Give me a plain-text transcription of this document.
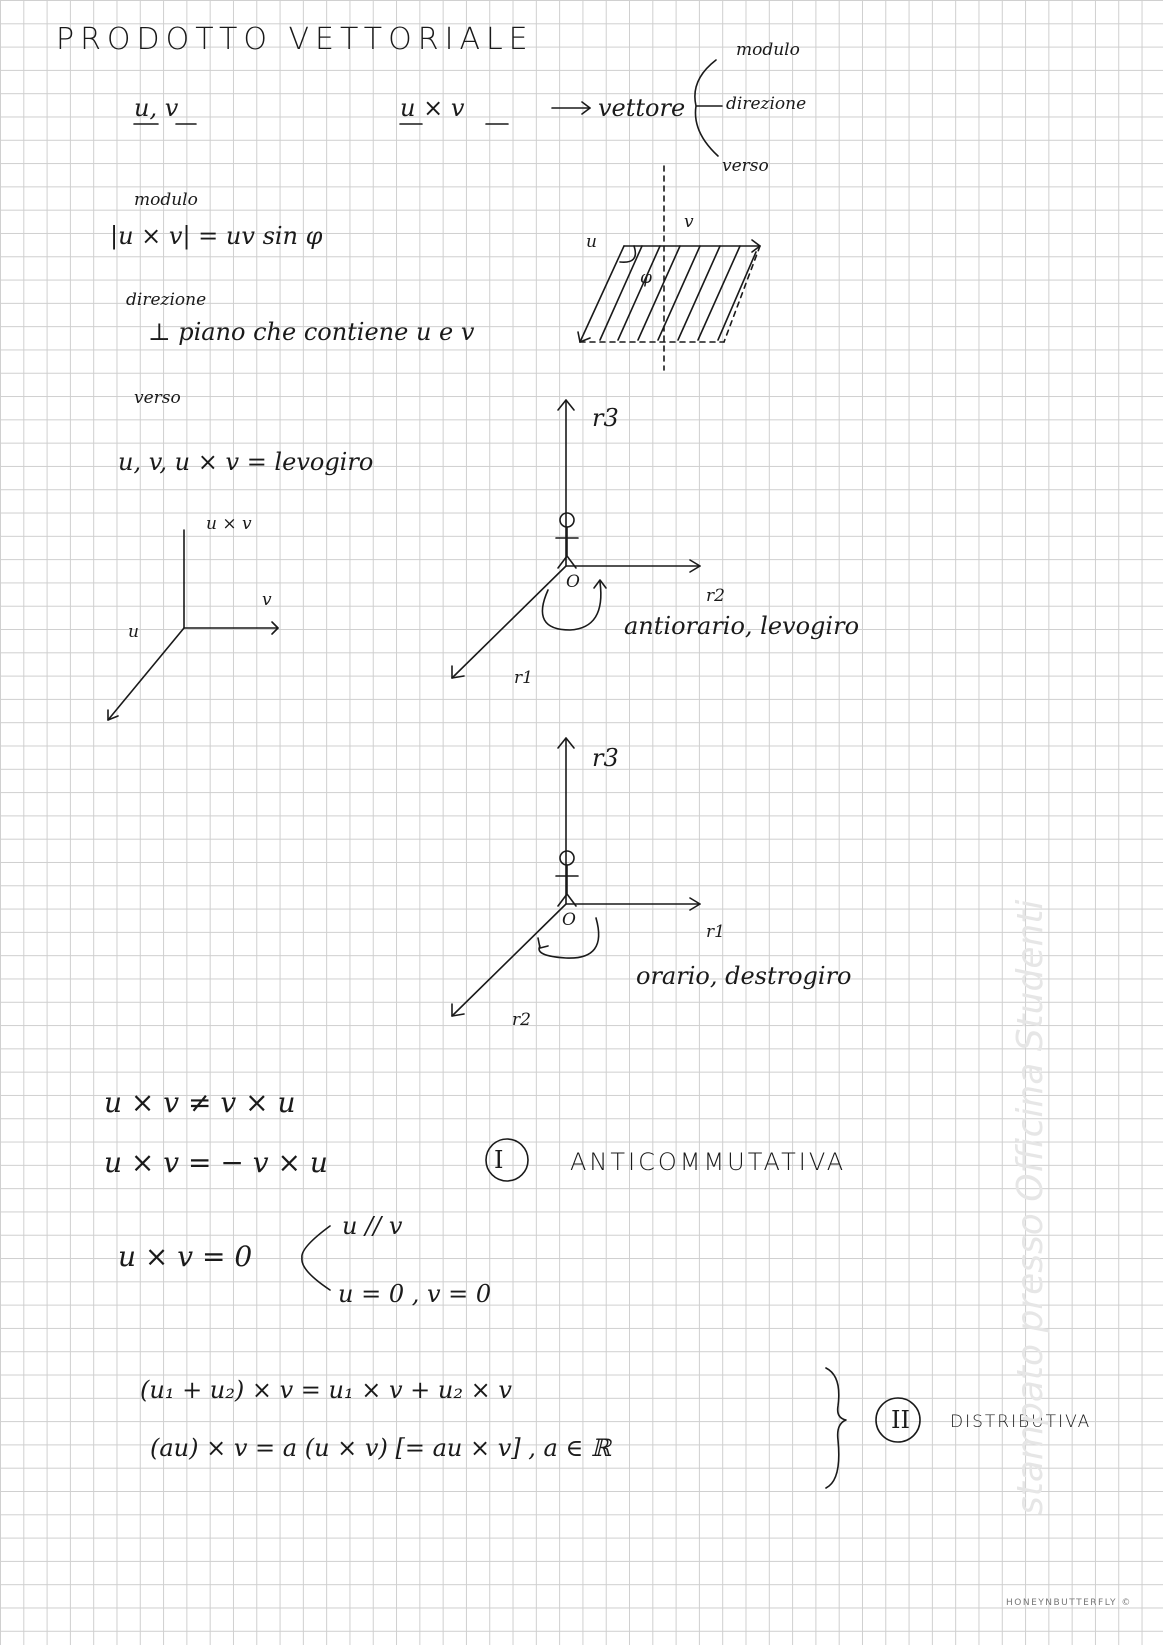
PRODOTTO VETTORIALE
u, v	u × v	vettore
modulo
direzione
verso
modulo
|u × v| = uv sin φ
direzione
⊥ piano che contiene u e v
verso
u, v, u × v = levogiro
u
v
φ
u × v
v
u
r3
r2
r1
O
antiorario, levogiro
r3
r1
r2
O
orario, destrogiro
u × v ≠ v × u
u × v = − v × u	I	ANTICOMMUTATIVA
u × v = 0
u // v
u = 0 , v = 0
(u₁ + u₂) × v = u₁ × v + u₂ × v
(au) × v = a (u × v) [= au × v] , a ∈ ℝ
II DISTRIBUTIVA
stampato presso Officina Studenti
HONEYNBUTTERFLY ©
